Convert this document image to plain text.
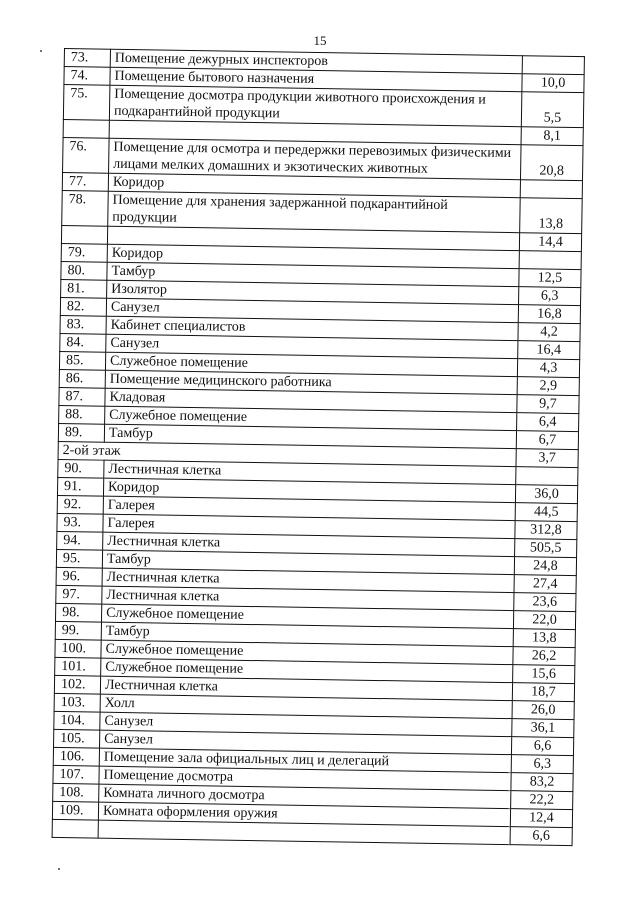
15
73.	Помещение дежурных инспекторов	
74.	Помещение бытового назначения	10,0
75.	Помещение досмотра продукции животного происхождения и подкарантийной продукции	5,5
		8,1
76.	Помещение для осмотра и передержки перевозимых физическими лицами мелких домашних и экзотических животных	20,8
77.	Коридор	
78.	Помещение для хранения задержанной подкарантийной продукции	13,8
		14,4
79.	Коридор	
80.	Тамбур	12,5
81.	Изолятор	6,3
82.	Санузел	16,8
83.	Кабинет специалистов	4,2
84.	Санузел	16,4
85.	Служебное помещение	4,3
86.	Помещение медицинского работника	2,9
87.	Кладовая	9,7
88.	Служебное помещение	6,4
89.	Тамбур	6,7
2-ой этаж		3,7
90.	Лестничная клетка	
91.	Коридор	36,0
92.	Галерея	44,5
93.	Галерея	312,8
94.	Лестничная клетка	505,5
95.	Тамбур	24,8
96.	Лестничная клетка	27,4
97.	Лестничная клетка	23,6
98.	Служебное помещение	22,0
99.	Тамбур	13,8
100.	Служебное помещение	26,2
101.	Служебное помещение	15,6
102.	Лестничная клетка	18,7
103.	Холл	26,0
104.	Санузел	36,1
105.	Санузел	6,6
106.	Помещение зала официальных лиц и делегаций	6,3
107.	Помещение досмотра	83,2
108.	Комната личного досмотра	22,2
109.	Комната оформления оружия	12,4
		6,6
